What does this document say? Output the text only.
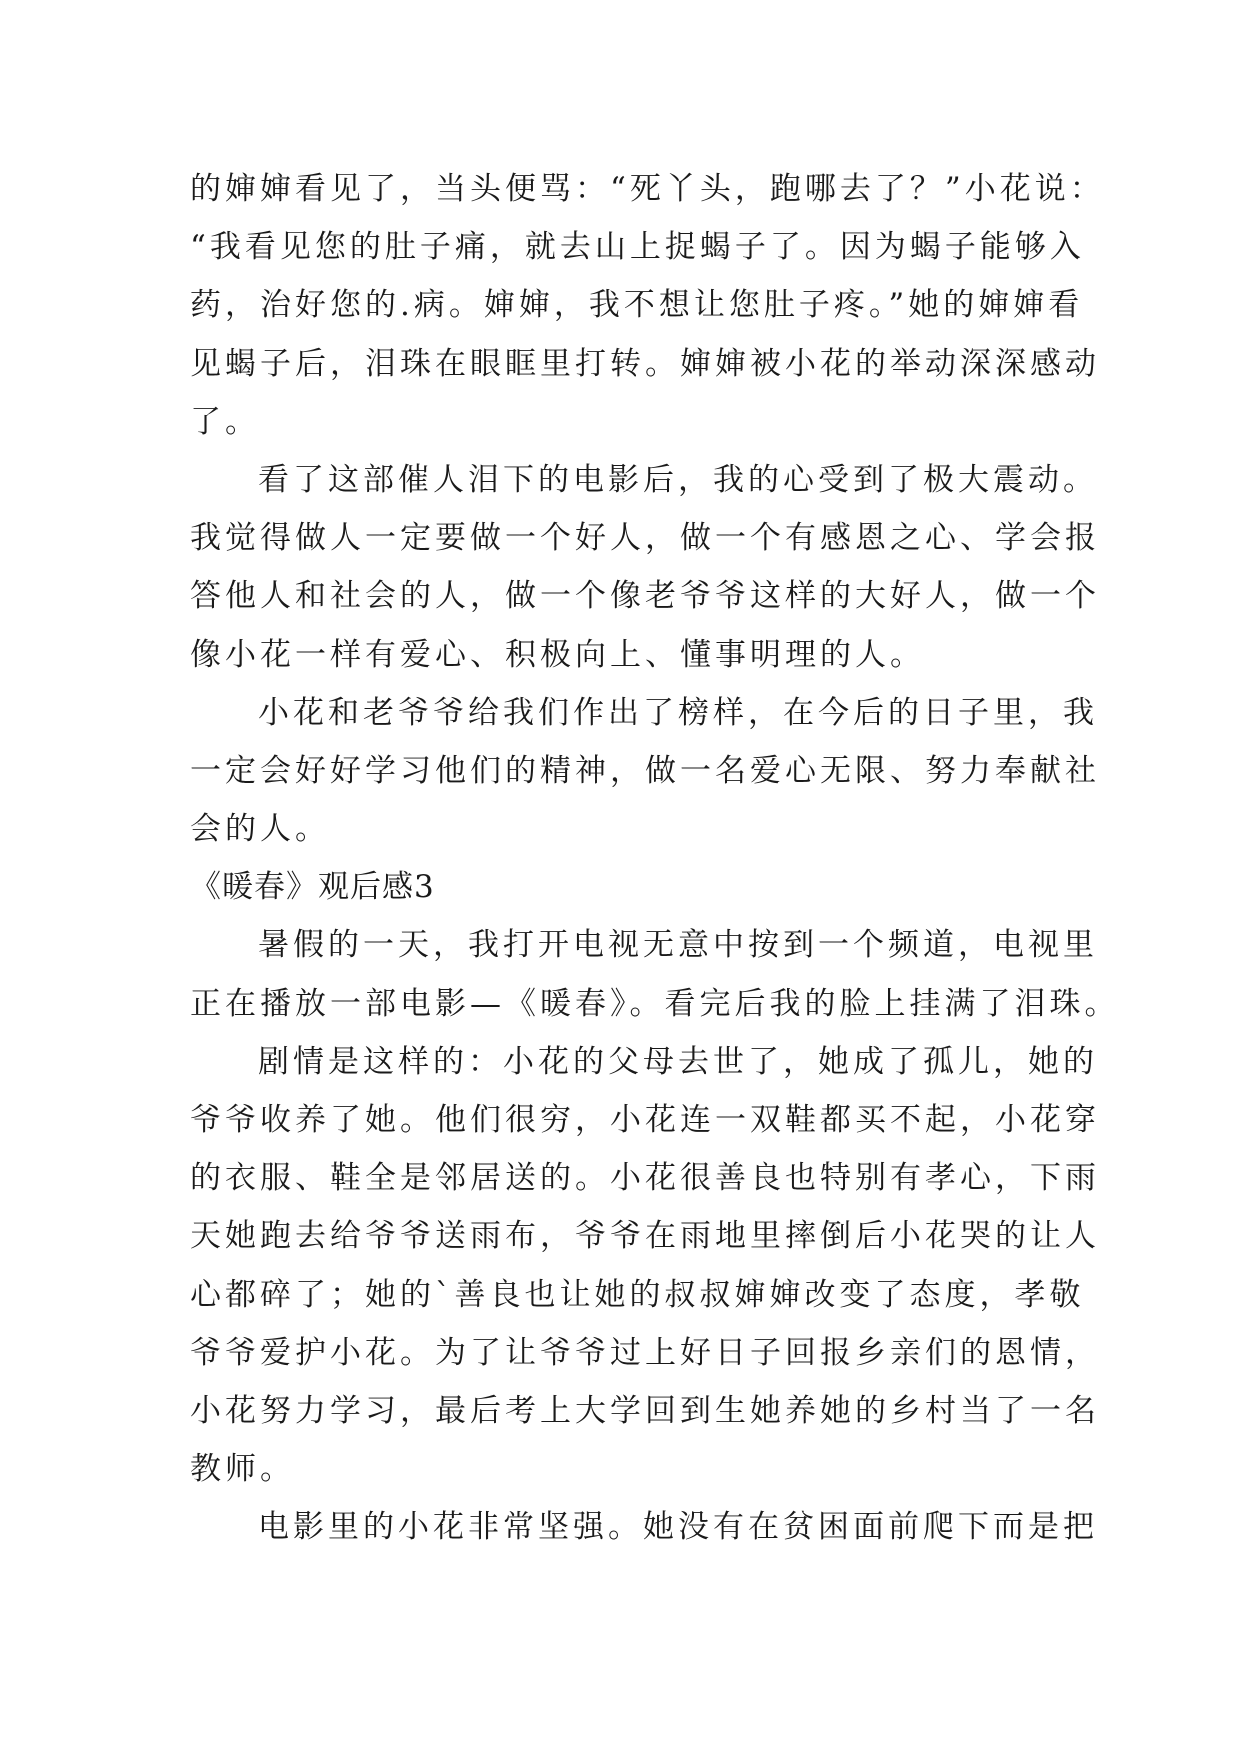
的婶婶看见了，当头便骂：“死丫头，跑哪去了？”小花说：
“我看见您的肚子痛，就去山上捉蝎子了。因为蝎子能够入
药，治好您的.病。婶婶，我不想让您肚子疼。”她的婶婶看
见蝎子后，泪珠在眼眶里打转。婶婶被小花的举动深深感动
了。
看了这部催人泪下的电影后，我的心受到了极大震动。
我觉得做人一定要做一个好人，做一个有感恩之心、学会报
答他人和社会的人，做一个像老爷爷这样的大好人，做一个
像小花一样有爱心、积极向上、懂事明理的人。
小花和老爷爷给我们作出了榜样，在今后的日子里，我
一定会好好学习他们的精神，做一名爱心无限、努力奉献社
会的人。
《暖春》观后感3
暑假的一天，我打开电视无意中按到一个频道，电视里
正在播放一部电影—《暖春》。看完后我的脸上挂满了泪珠。
剧情是这样的：小花的父母去世了，她成了孤儿，她的
爷爷收养了她。他们很穷，小花连一双鞋都买不起，小花穿
的衣服、鞋全是邻居送的。小花很善良也特别有孝心，下雨
天她跑去给爷爷送雨布，爷爷在雨地里摔倒后小花哭的让人
心都碎了；她的`善良也让她的叔叔婶婶改变了态度，孝敬
爷爷爱护小花。为了让爷爷过上好日子回报乡亲们的恩情，
小花努力学习，最后考上大学回到生她养她的乡村当了一名
教师。
电影里的小花非常坚强。她没有在贫困面前爬下而是把
